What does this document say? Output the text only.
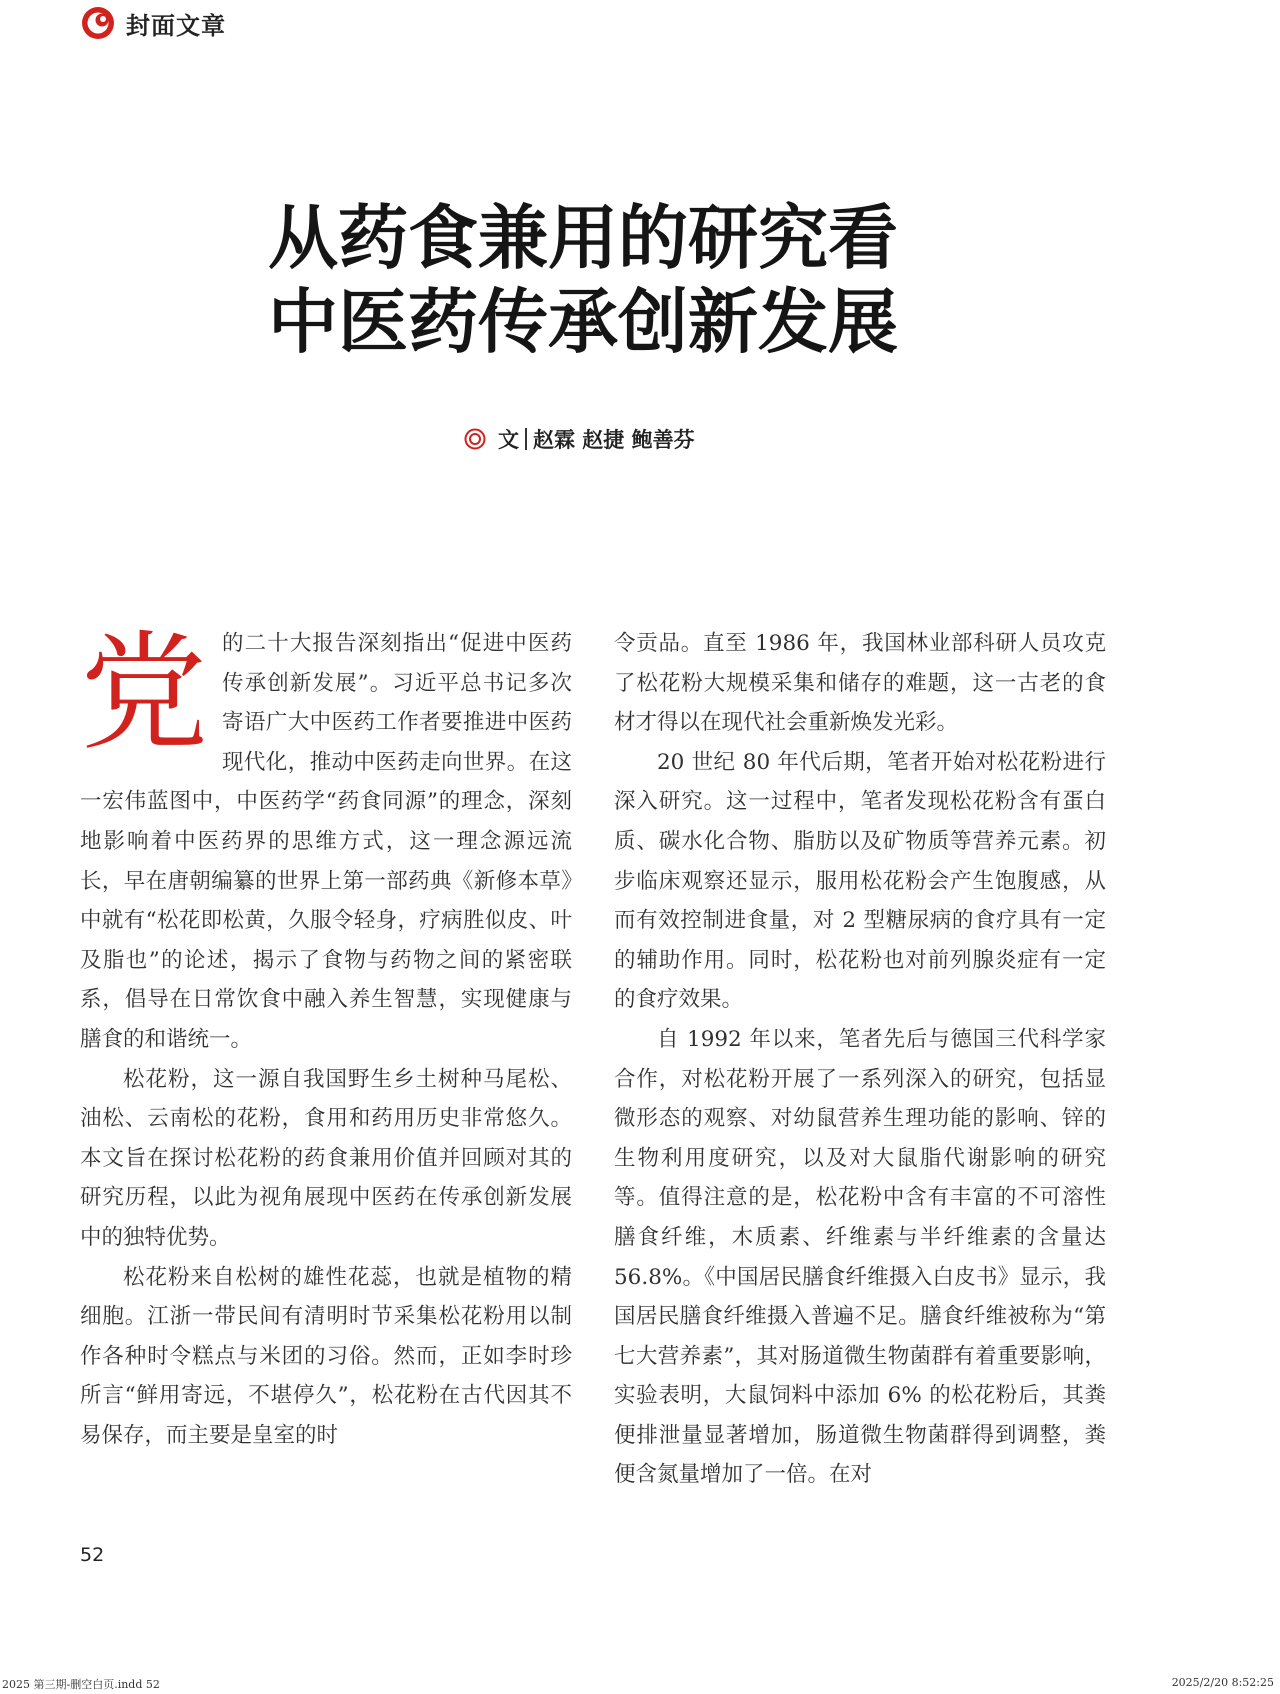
封面文章
从药食兼用的研究看
中医药传承创新发展
文 赵霖 赵捷 鲍善芬

党的二十大报告深刻指出“促进中医药传承创新发展”。习近平总书记多次寄语广大中医药工作者要推进中医药现代化，推动中医药走向世界。在这一宏伟蓝图中，中医药学“药食同源”的理念，深刻地影响着中医药界的思维方式，这一理念源远流长，早在唐朝编纂的世界上第一部药典《新修本草》中就有“松花即松黄，久服令轻身，疗病胜似皮、叶及脂也”的论述，揭示了食物与药物之间的紧密联系，倡导在日常饮食中融入养生智慧，实现健康与膳食的和谐统一。

松花粉，这一源自我国野生乡土树种马尾松、油松、云南松的花粉，食用和药用历史非常悠久。本文旨在探讨松花粉的药食兼用价值并回顾对其的研究历程，以此为视角展现中医药在传承创新发展中的独特优势。

松花粉来自松树的雄性花蕊，也就是植物的精细胞。江浙一带民间有清明时节采集松花粉用以制作各种时令糕点与米团的习俗。然而，正如李时珍所言“鲜用寄远，不堪停久”，松花粉在古代因其不易保存，而主要是皇室的时

令贡品。直至 1986 年，我国林业部科研人员攻克了松花粉大规模采集和储存的难题，这一古老的食材才得以在现代社会重新焕发光彩。

20 世纪 80 年代后期，笔者开始对松花粉进行深入研究。这一过程中，笔者发现松花粉含有蛋白质、碳水化合物、脂肪以及矿物质等营养元素。初步临床观察还显示，服用松花粉会产生饱腹感，从而有效控制进食量，对 2 型糖尿病的食疗具有一定的辅助作用。同时，松花粉也对前列腺炎症有一定的食疗效果。

自 1992 年以来，笔者先后与德国三代科学家合作，对松花粉开展了一系列深入的研究，包括显微形态的观察、对幼鼠营养生理功能的影响、锌的生物利用度研究，以及对大鼠脂代谢影响的研究等。值得注意的是，松花粉中含有丰富的不可溶性膳食纤维，木质素、纤维素与半纤维素的含量达 56.8%。《中国居民膳食纤维摄入白皮书》显示，我国居民膳食纤维摄入普遍不足。膳食纤维被称为“第七大营养素”，其对肠道微生物菌群有着重要影响，实验表明，大鼠饲料中添加 6% 的松花粉后，其粪便排泄量显著增加，肠道微生物菌群得到调整，粪便含氮量增加了一倍。在对

52
2025 第三期-删空白页.indd 52	2025/2/20 8:52:25
